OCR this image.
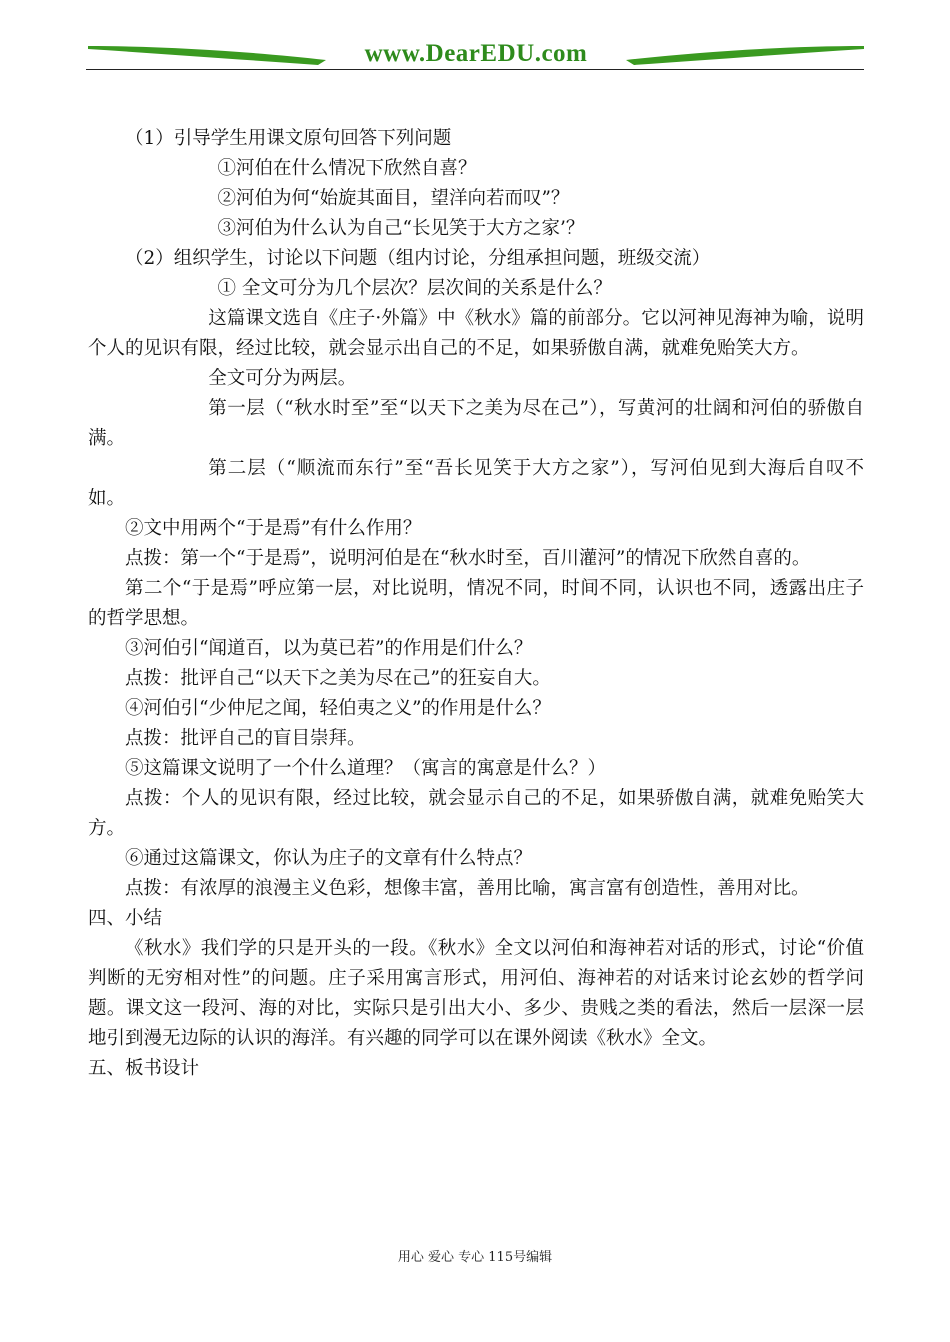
www.DearEDU.com

（1）引导学生用课文原句回答下列问题

①河伯在什么情况下欣然自喜？

②河伯为何“始旋其面目，望洋向若而叹”？

③河伯为什么认为自己“长见笑于大方之家’？

（2）组织学生，讨论以下问题（组内讨论，分组承担问题，班级交流）

① 全文可分为几个层次？层次间的关系是什么？

这篇课文选自《庄子·外篇》中《秋水》篇的前部分。它以河神见海神为喻，说明个人的见识有限，经过比较，就会显示出自己的不足，如果骄傲自满，就难免贻笑大方。

全文可分为两层。

第一层（“秋水时至”至“以天下之美为尽在己”），写黄河的壮阔和河伯的骄傲自满。

第二层（“顺流而东行”至“吾长见笑于大方之家”），写河伯见到大海后自叹不如。

②文中用两个“于是焉”有什么作用？

点拨：第一个“于是焉”，说明河伯是在“秋水时至，百川灌河”的情况下欣然自喜的。

第二个“于是焉”呼应第一层，对比说明，情况不同，时间不同，认识也不同，透露出庄子的哲学思想。

③河伯引“闻道百，以为莫已若”的作用是们什么？

点拨：批评自己“以天下之美为尽在己”的狂妄自大。

④河伯引“少仲尼之闻，轻伯夷之义”的作用是什么？

点拨：批评自己的盲目崇拜。

⑤这篇课文说明了一个什么道理？（寓言的寓意是什么？）

点拨：个人的见识有限，经过比较，就会显示自己的不足，如果骄傲自满，就难免贻笑大方。

⑥通过这篇课文，你认为庄子的文章有什么特点？

点拨：有浓厚的浪漫主义色彩，想像丰富，善用比喻，寓言富有创造性，善用对比。

四、小结

《秋水》我们学的只是开头的一段。《秋水》全文以河伯和海神若对话的形式，讨论“价值判断的无穷相对性”的问题。庄子采用寓言形式，用河伯、海神若的对话来讨论玄妙的哲学问题。课文这一段河、海的对比，实际只是引出大小、多少、贵贱之类的看法，然后一层深一层地引到漫无边际的认识的海洋。有兴趣的同学可以在课外阅读《秋水》全文。

五、板书设计

用心 爱心 专心 115号编辑
